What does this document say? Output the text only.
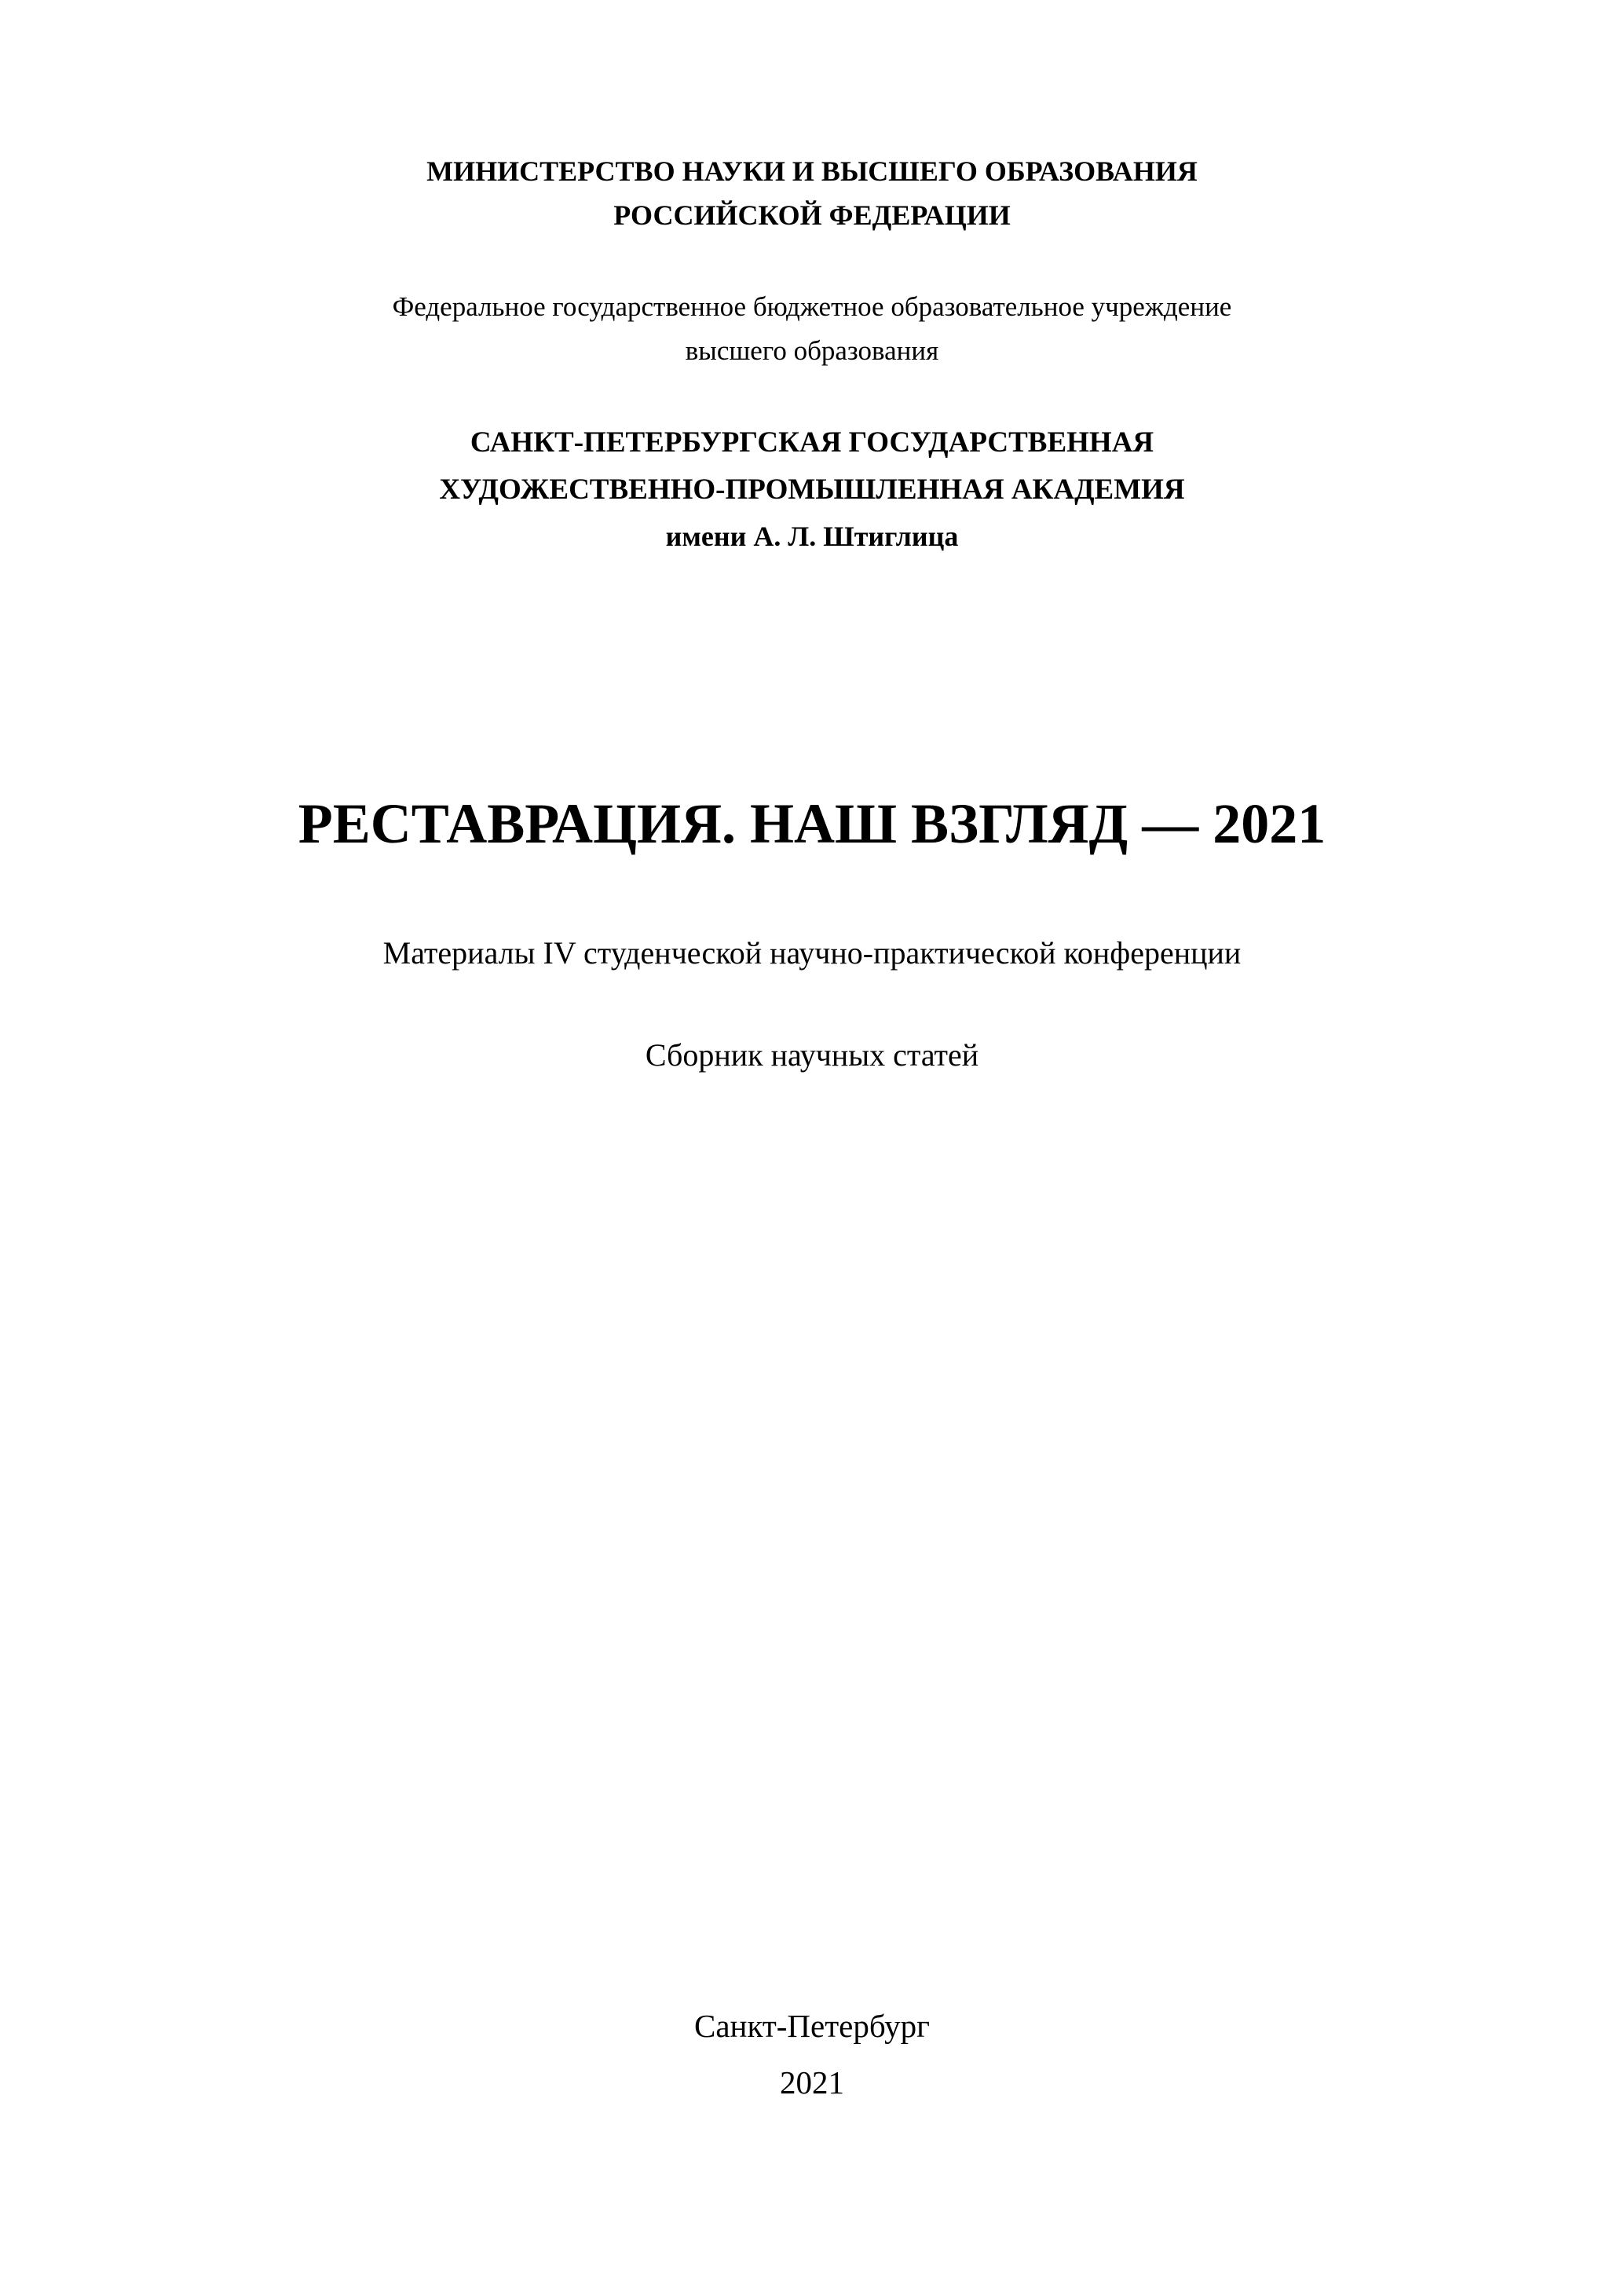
МИНИСТЕРСТВО НАУКИ И ВЫСШЕГО ОБРАЗОВАНИЯ

РОССИЙСКОЙ ФЕДЕРАЦИИ

Федеральное государственное бюджетное образовательное учреждение

высшего образования

САНКТ-ПЕТЕРБУРГСКАЯ ГОСУДАРСТВЕННАЯ

ХУДОЖЕСТВЕННО-ПРОМЫШЛЕННАЯ АКАДЕМИЯ

имени А. Л. Штиглица

РЕСТАВРАЦИЯ. НАШ ВЗГЛЯД — 2021

Материалы IV студенческой научно-практической конференции

Сборник научных статей

Санкт-Петербург

2021
